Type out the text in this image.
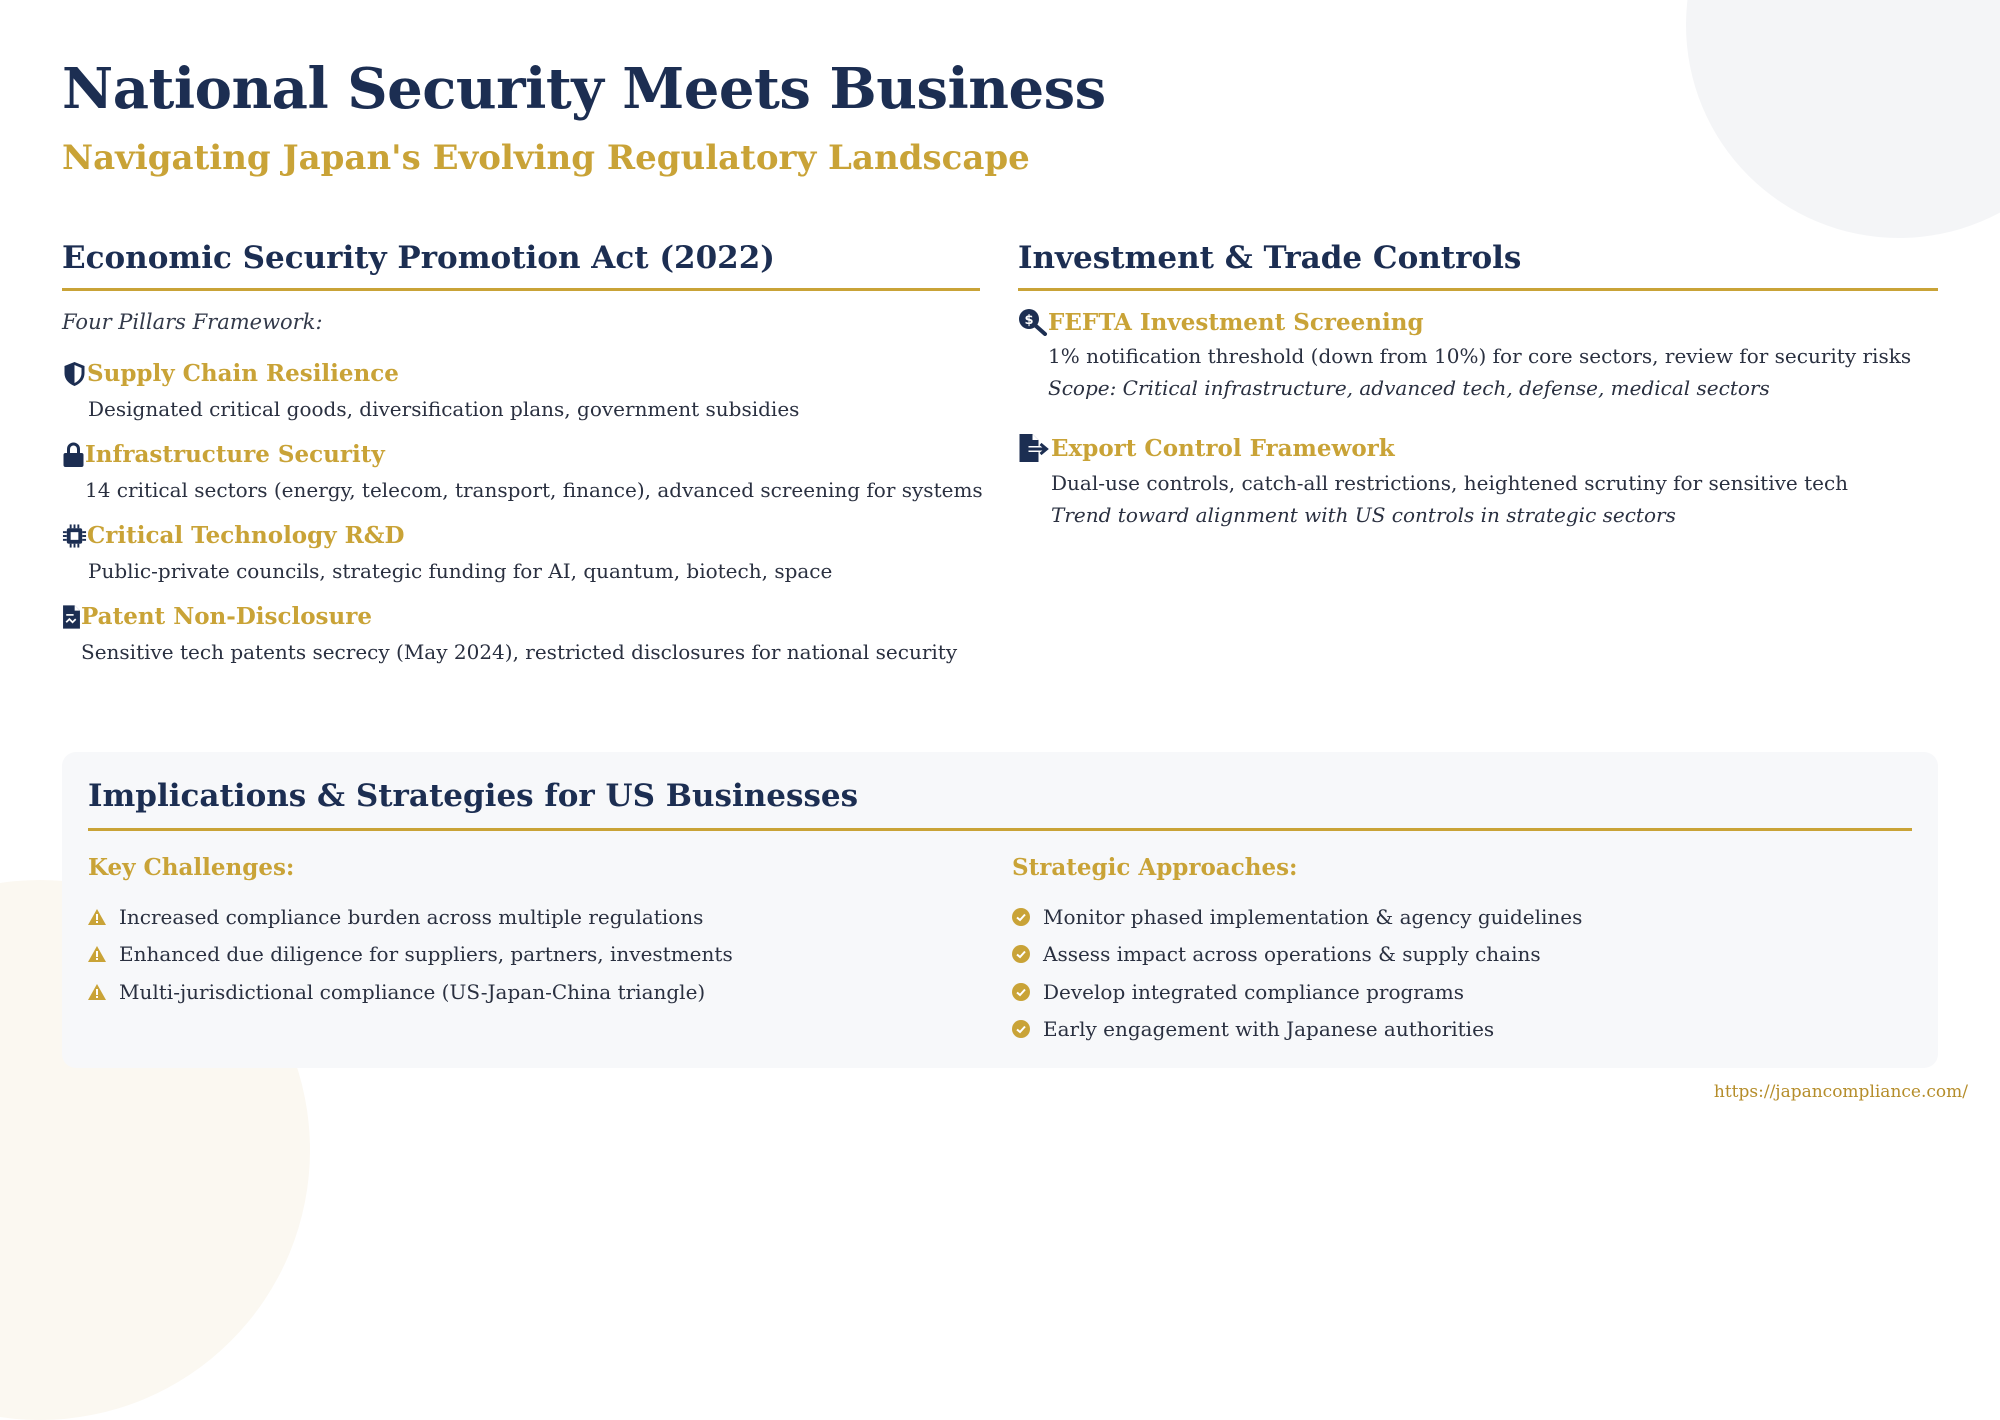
National Security Meets Business
Navigating Japan's Evolving Regulatory Landscape
Economic Security Promotion Act (2022)
Four Pillars Framework:
Supply Chain Resilience
Designated critical goods, diversification plans, government subsidies
Infrastructure Security
14 critical sectors (energy, telecom, transport, finance), advanced screening for systems
Critical Technology R&D
Public-private councils, strategic funding for AI, quantum, biotech, space
Patent Non-Disclosure
Sensitive tech patents secrecy (May 2024), restricted disclosures for national security
Investment & Trade Controls
$ FEFTA Investment Screening
1% notification threshold (down from 10%) for core sectors, review for security risks
Scope: Critical infrastructure, advanced tech, defense, medical sectors
Export Control Framework
Dual-use controls, catch-all restrictions, heightened scrutiny for sensitive tech
Trend toward alignment with US controls in strategic sectors
Implications & Strategies for US Businesses
Key Challenges:
Increased compliance burden across multiple regulations
Enhanced due diligence for suppliers, partners, investments
Multi-jurisdictional compliance (US-Japan-China triangle)
Strategic Approaches:
Monitor phased implementation & agency guidelines
Assess impact across operations & supply chains
Develop integrated compliance programs
Early engagement with Japanese authorities
https://japancompliance.com/
